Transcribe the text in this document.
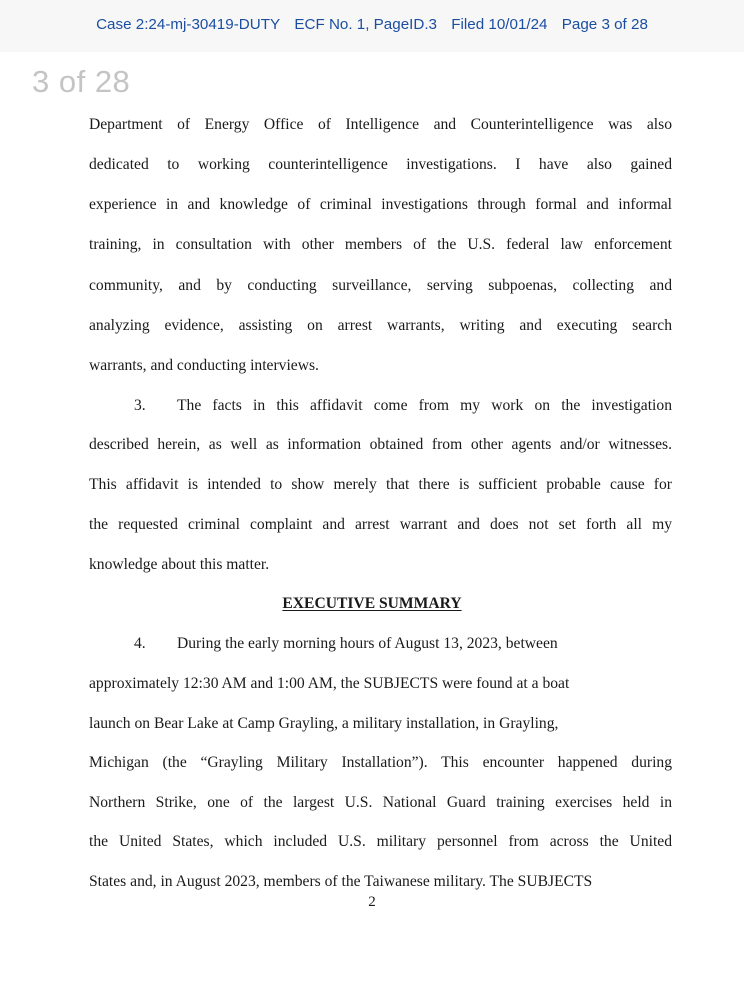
Case 2:24-mj-30419-DUTY ECF No. 1, PageID.3 Filed 10/01/24 Page 3 of 28
3 of 28
Department of Energy Office of Intelligence and Counterintelligence was also
dedicated to working counterintelligence investigations. I have also gained
experience in and knowledge of criminal investigations through formal and informal
training, in consultation with other members of the U.S. federal law enforcement
community, and by conducting surveillance, serving subpoenas, collecting and
analyzing evidence, assisting on arrest warrants, writing and executing search
warrants, and conducting interviews.
3.	The facts in this affidavit come from my work on the investigation
described herein, as well as information obtained from other agents and/or witnesses.
This affidavit is intended to show merely that there is sufficient probable cause for
the requested criminal complaint and arrest warrant and does not set forth all my
knowledge about this matter.
EXECUTIVE SUMMARY
4.	During the early morning hours of August 13, 2023, between
approximately 12:30 AM and 1:00 AM, the SUBJECTS were found at a boat
launch on Bear Lake at Camp Grayling, a military installation, in Grayling,
Michigan (the “Grayling Military Installation”). This encounter happened during
Northern Strike, one of the largest U.S. National Guard training exercises held in
the United States, which included U.S. military personnel from across the United
States and, in August 2023, members of the Taiwanese military. The SUBJECTS
2
